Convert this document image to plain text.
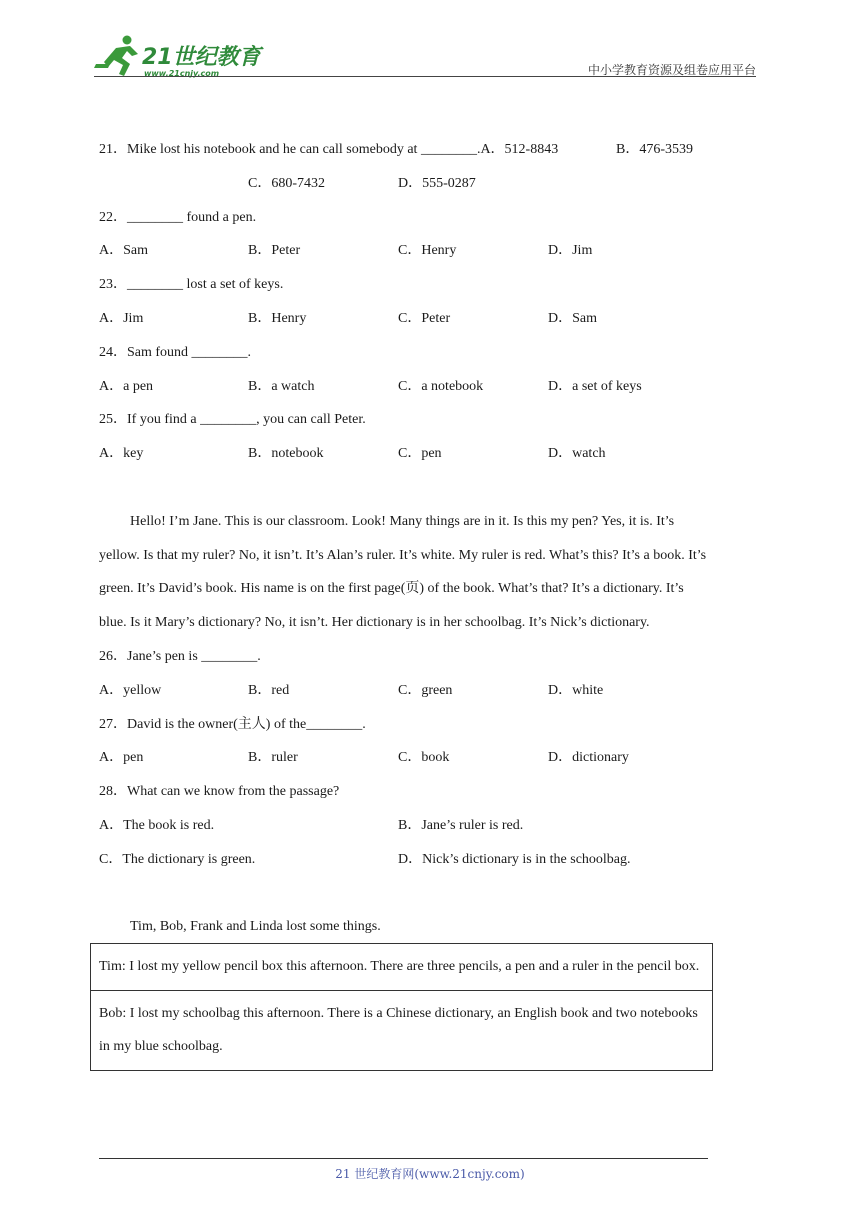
21世纪教育
www.21cnjy.com	中小学教育资源及组卷应用平台
21．Mike lost his notebook and he can call somebody at ________.A．512-8843	B．476-3539
C．680-7432	D．555-0287
22．________ found a pen.
A．Sam	B．Peter	C．Henry	D．Jim
23．________ lost a set of keys.
A．Jim	B．Henry	C．Peter	D．Sam
24．Sam found ________.
A．a pen	B．a watch	C．a notebook	D．a set of keys
25．If you find a ________, you can call Peter.
A．key	B．notebook	C．pen	D．watch
Hello! I’m Jane. This is our classroom. Look! Many things are in it. Is this my pen? Yes, it is. It’s
yellow. Is that my ruler? No, it isn’t. It’s Alan’s ruler. It’s white. My ruler is red. What’s this? It’s a book. It’s
green. It’s David’s book. His name is on the first page(页) of the book. What’s that? It’s a dictionary. It’s
blue. Is it Mary’s dictionary? No, it isn’t. Her dictionary is in her schoolbag. It’s Nick’s dictionary.
26．Jane’s pen is ________.
A．yellow	B．red	C．green	D．white
27．David is the owner(主人) of the________.
A．pen	B．ruler	C．book	D．dictionary
28．What can we know from the passage?
A．The book is red.	B．Jane’s ruler is red.
C．The dictionary is green.	D．Nick’s dictionary is in the schoolbag.
Tim, Bob, Frank and Linda lost some things.
Tim: I lost my yellow pencil box this afternoon. There are three pencils, a pen and a ruler in the pencil box.
Bob: I lost my schoolbag this afternoon. There is a Chinese dictionary, an English book and two notebooks in my blue schoolbag.
21 世纪教育网(www.21cnjy.com)
